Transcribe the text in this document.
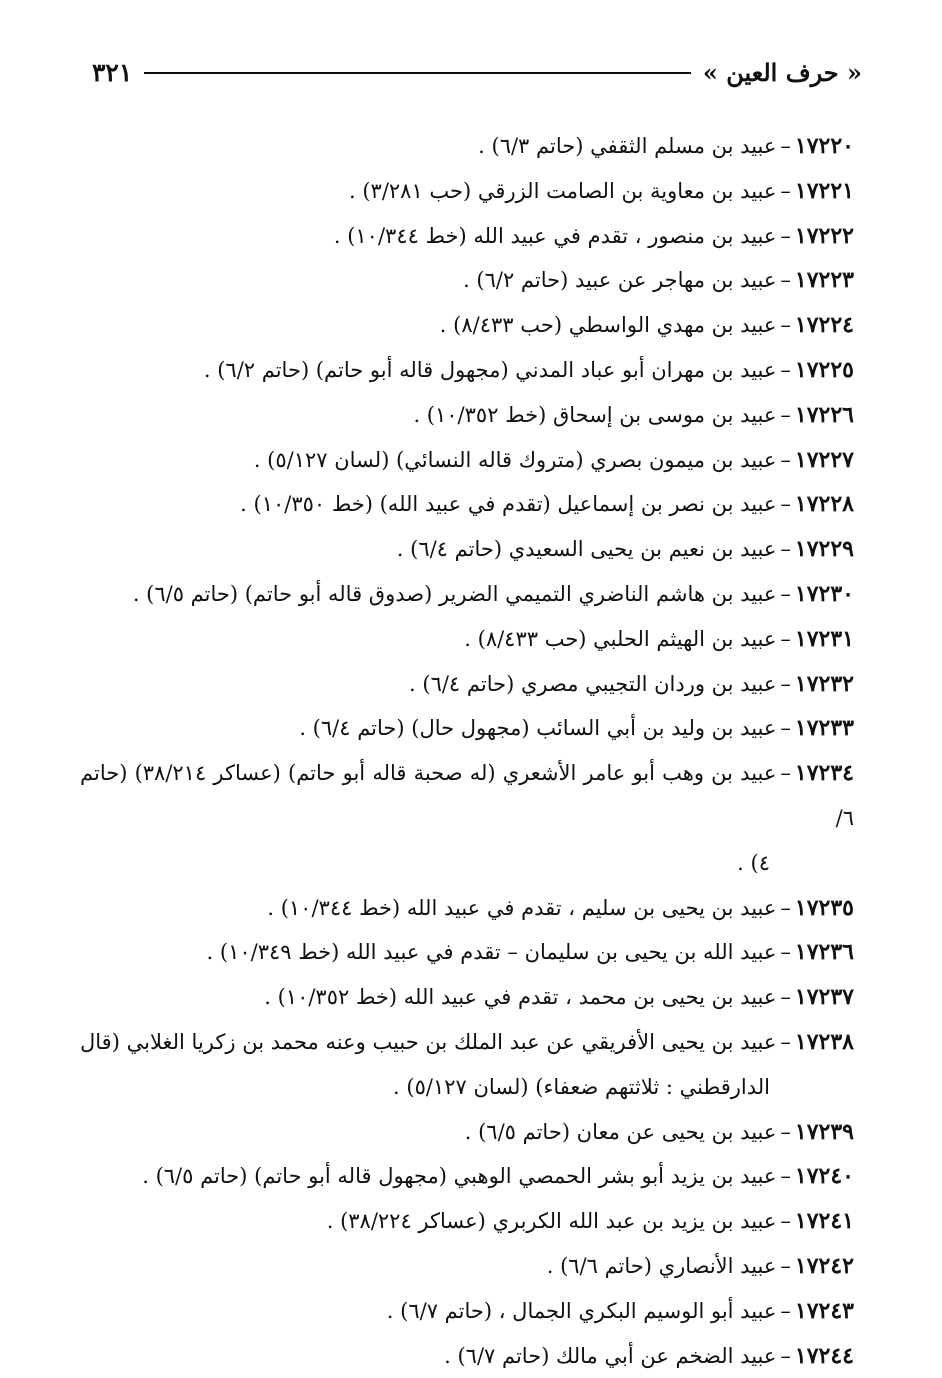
« حرف العين »
٣٢١
١٧٢٢٠–عبيد بن مسلم الثقفي (حاتم ٦/٣) .
١٧٢٢١–عبيد بن معاوية بن الصامت الزرقي (حب ٣/٢٨١) .
١٧٢٢٢–عبيد بن منصور ، تقدم في عبيد الله (خط ١٠/٣٤٤) .
١٧٢٢٣–عبيد بن مهاجر عن عبيد (حاتم ٦/٢) .
١٧٢٢٤–عبيد بن مهدي الواسطي (حب ٨/٤٣٣) .
١٧٢٢٥–عبيد بن مهران أبو عباد المدني (مجهول قاله أبو حاتم) (حاتم ٦/٢) .
١٧٢٢٦–عبيد بن موسى بن إسحاق (خط ١٠/٣٥٢) .
١٧٢٢٧–عبيد بن ميمون بصري (متروك قاله النسائي) (لسان ٥/١٢٧) .
١٧٢٢٨–عبيد بن نصر بن إسماعيل (تقدم في عبيد الله) (خط ١٠/٣٥٠) .
١٧٢٢٩–عبيد بن نعيم بن يحيى السعيدي (حاتم ٦/٤) .
١٧٢٣٠–عبيد بن هاشم الناضري التميمي الضرير (صدوق قاله أبو حاتم) (حاتم ٦/٥) .
١٧٢٣١–عبيد بن الهيثم الحلبي (حب ٨/٤٣٣) .
١٧٢٣٢–عبيد بن وردان التجيبي مصري (حاتم ٦/٤) .
١٧٢٣٣–عبيد بن وليد بن أبي السائب (مجهول حال) (حاتم ٦/٤) .
١٧٢٣٤–عبيد بن وهب أبو عامر الأشعري (له صحبة قاله أبو حاتم) (عساكر ٣٨/٢١٤) (حاتم ٦/
٤) .
١٧٢٣٥–عبيد بن يحيى بن سليم ، تقدم في عبيد الله (خط ١٠/٣٤٤) .
١٧٢٣٦–عبيد الله بن يحيى بن سليمان – تقدم في عبيد الله (خط ١٠/٣٤٩) .
١٧٢٣٧–عبيد بن يحيى بن محمد ، تقدم في عبيد الله (خط ١٠/٣٥٢) .
١٧٢٣٨–عبيد بن يحيى الأفريقي عن عبد الملك بن حبيب وعنه محمد بن زكريا الغلابي (قال
الدارقطني : ثلاثتهم ضعفاء) (لسان ٥/١٢٧) .
١٧٢٣٩–عبيد بن يحيى عن معان (حاتم ٦/٥) .
١٧٢٤٠–عبيد بن يزيد أبو بشر الحمصي الوهبي (مجهول قاله أبو حاتم) (حاتم ٦/٥) .
١٧٢٤١–عبيد بن يزيد بن عبد الله الكربري (عساكر ٣٨/٢٢٤) .
١٧٢٤٢–عبيد الأنصاري (حاتم ٦/٦) .
١٧٢٤٣–عبيد أبو الوسيم البكري الجمال ، (حاتم ٦/٧) .
١٧٢٤٤–عبيد الضخم عن أبي مالك (حاتم ٦/٧) .
